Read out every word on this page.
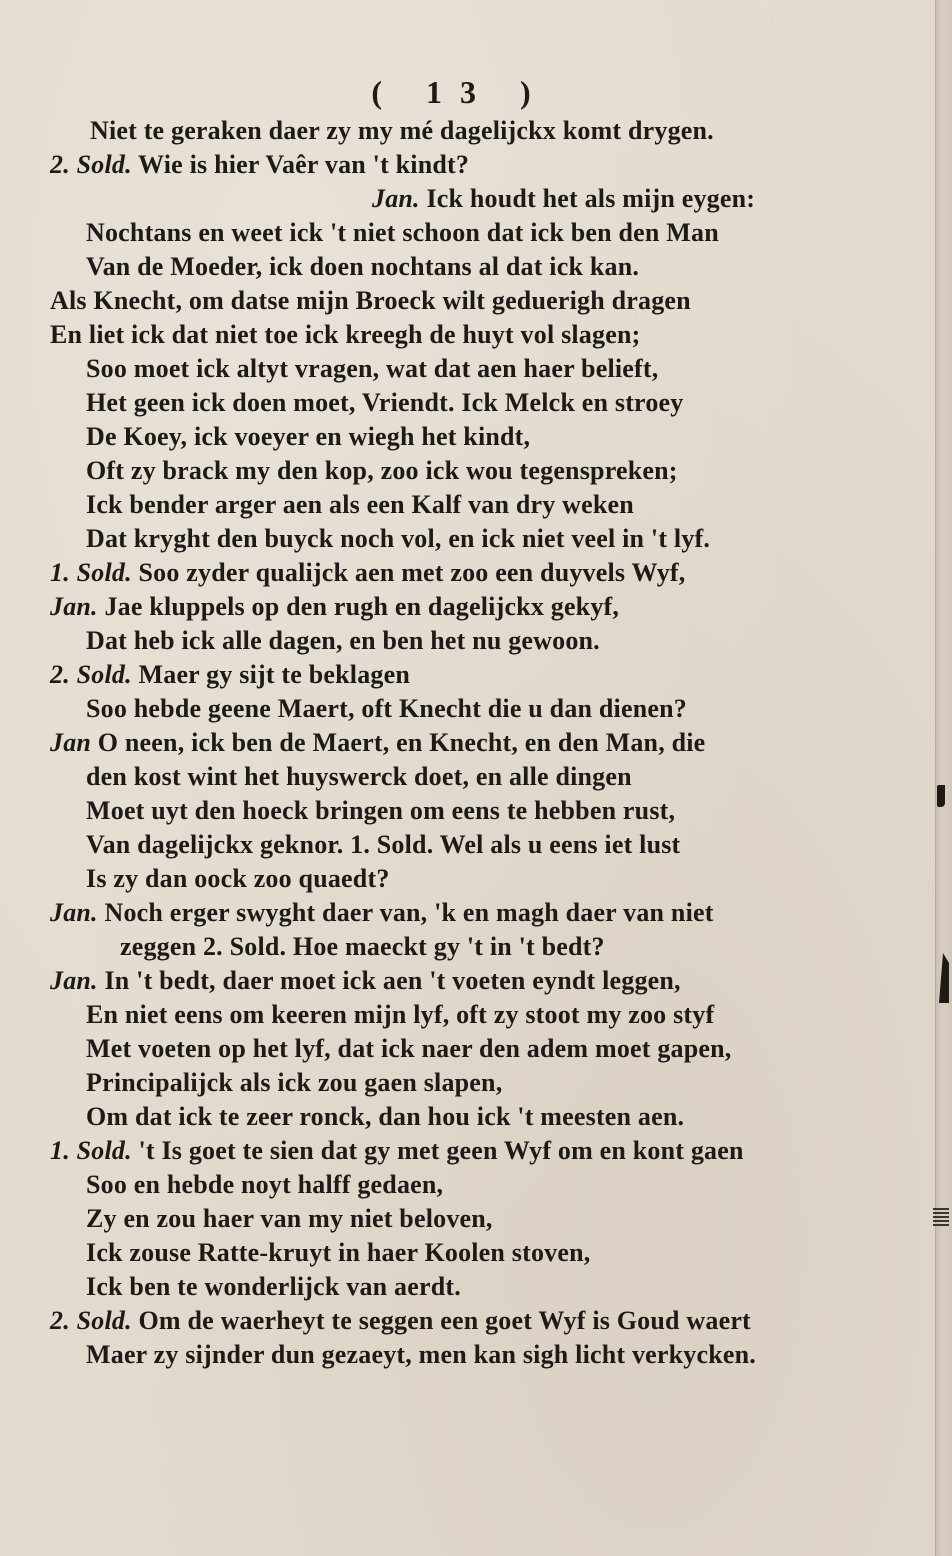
( 13 )
Niet te geraken daer zy my mé dagelijckx komt drygen.
2. Sold. Wie is hier Vaêr van 't kindt?
Jan. Ick houdt het als mijn eygen:
Nochtans en weet ick 't niet schoon dat ick ben den Man
Van de Moeder, ick doen nochtans al dat ick kan.
Als Knecht, om datse mijn Broeck wilt geduerigh dragen
En liet ick dat niet toe ick kreegh de huyt vol slagen;
Soo moet ick altyt vragen, wat dat aen haer belieft,
Het geen ick doen moet, Vriendt. Ick Melck en stroey
De Koey, ick voeyer en wiegh het kindt,
Oft zy brack my den kop, zoo ick wou tegenspreken;
Ick bender arger aen als een Kalf van dry weken
Dat kryght den buyck noch vol, en ick niet veel in 't lyf.
1. Sold. Soo zyder qualijck aen met zoo een duyvels Wyf,
Jan. Jae kluppels op den rugh en dagelijckx gekyf,
Dat heb ick alle dagen, en ben het nu gewoon.
2. Sold. Maer gy sijt te beklagen
Soo hebde geene Maert, oft Knecht die u dan dienen?
Jan O neen, ick ben de Maert, en Knecht, en den Man, die
den kost wint het huyswerck doet, en alle dingen
Moet uyt den hoeck bringen om eens te hebben rust,
Van dagelijckx geknor. 1. Sold. Wel als u eens iet lust
Is zy dan oock zoo quaedt?
Jan. Noch erger swyght daer van, 'k en magh daer van niet
zeggen 2. Sold. Hoe maeckt gy 't in 't bedt?
Jan. In 't bedt, daer moet ick aen 't voeten eyndt leggen,
En niet eens om keeren mijn lyf, oft zy stoot my zoo styf
Met voeten op het lyf, dat ick naer den adem moet gapen,
Principalijck als ick zou gaen slapen,
Om dat ick te zeer ronck, dan hou ick 't meesten aen.
1. Sold. 't Is goet te sien dat gy met geen Wyf om en kont gaen
Soo en hebde noyt halff gedaen,
Zy en zou haer van my niet beloven,
Ick zouse Ratte-kruyt in haer Koolen stoven,
Ick ben te wonderlijck van aerdt.
2. Sold. Om de waerheyt te seggen een goet Wyf is Goud waert
Maer zy sijnder dun gezaeyt, men kan sigh licht verkycken.
